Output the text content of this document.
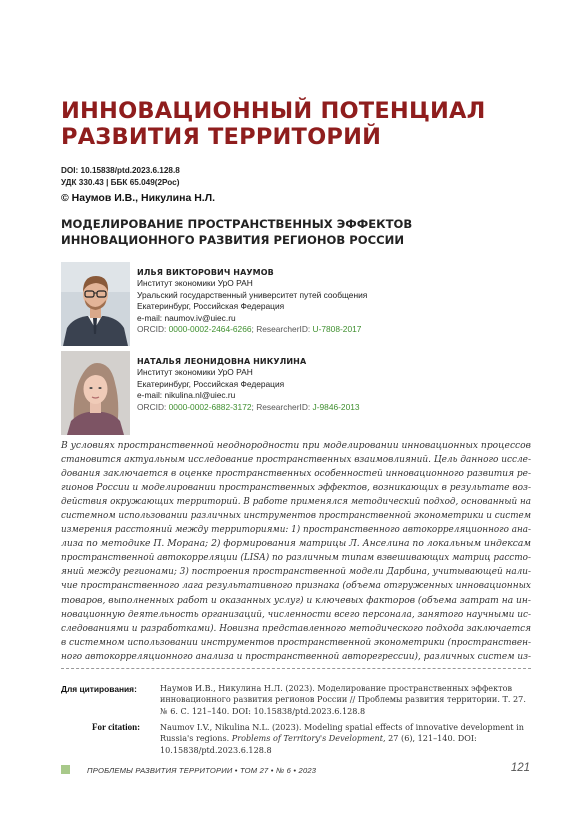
ИННОВАЦИОННЫЙ ПОТЕНЦИАЛ РАЗВИТИЯ ТЕРРИТОРИЙ
DOI: 10.15838/ptd.2023.6.128.8
УДК 330.43 | ББК 65.049(2Рос)
© Наумов И.В., Никулина Н.Л.
МОДЕЛИРОВАНИЕ ПРОСТРАНСТВЕННЫХ ЭФФЕКТОВ ИННОВАЦИОННОГО РАЗВИТИЯ РЕГИОНОВ РОССИИ
ИЛЬЯ ВИКТОРОВИЧ НАУМОВ
Институт экономики УрО РАН
Уральский государственный университет путей сообщения
Екатеринбург, Российская Федерация
e-mail: naumov.iv@uiec.ru
ORCID: 0000-0002-2464-6266; ResearcherID: U-7808-2017
НАТАЛЬЯ ЛЕОНИДОВНА НИКУЛИНА
Институт экономики УрО РАН
Екатеринбург, Российская Федерация
e-mail: nikulina.nl@uiec.ru
ORCID: 0000-0002-6882-3172; ResearcherID: J-9846-2013
В условиях пространственной неоднородности при моделировании инновационных процессов
становится актуальным исследование пространственных взаимовлияний. Цель данного иссле-
дования заключается в оценке пространственных особенностей инновационного развития ре-
гионов России и моделировании пространственных эффектов, возникающих в результате воз-
действия окружающих территорий. В работе применялся методический подход, основанный на
системном использовании различных инструментов пространственной эконометрики и систем
измерения расстояний между территориями: 1) пространственного автокорреляционного ана-
лиза по методике П. Морана; 2) формирования матрицы Л. Анселина по локальным индексам
пространственной автокорреляции (LISA) по различным типам взвешивающих матриц рассто-
яний между регионами; 3) построения пространственной модели Дарбина, учитывающей нали-
чие пространственного лага результативного признака (объема отгруженных инновационных
товаров, выполненных работ и оказанных услуг) и ключевых факторов (объема затрат на ин-
новационную деятельность организаций, численности всего персонала, занятого научными ис-
следованиями и разработками). Новизна представленного методического подхода заключается
в системном использовании инструментов пространственной эконометрики (пространствен-
ного автокорреляционного анализа и пространственной авторегрессии), различных систем из-
Для цитирования:	Наумов И.В., Никулина Н.Л. (2023). Моделирование пространственных эффектов инновационного развития регионов России // Проблемы развития территории. Т. 27. № 6. С. 121–140. DOI: 10.15838/ptd.2023.6.128.8
For citation: Naumov I.V., Nikulina N.L. (2023). Modeling spatial effects of innovative development in Russia's regions. Problems of Territory's Development, 27 (6), 121–140. DOI: 10.15838/ptd.2023.6.128.8
ПРОБЛЕМЫ РАЗВИТИЯ ТЕРРИТОРИИ • ТОМ 27 • № 6 • 2023	121
